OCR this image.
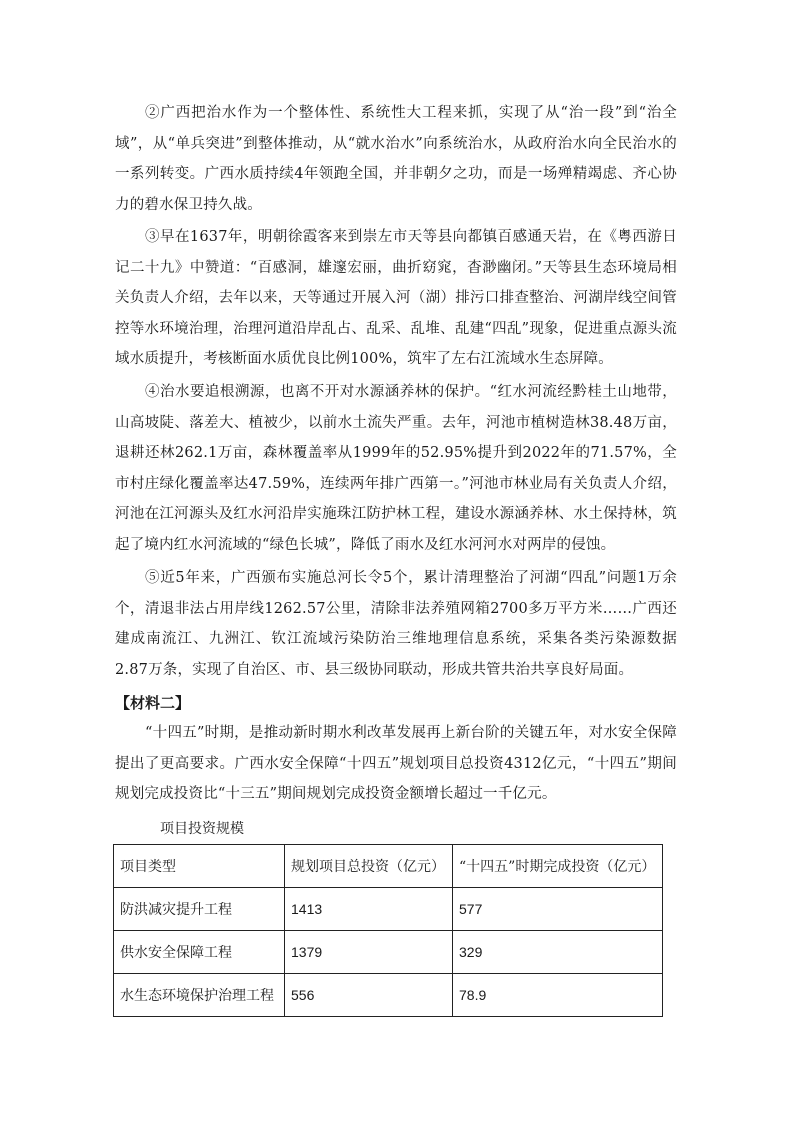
②广西把治水作为一个整体性、系统性大工程来抓，实现了从“治一段”到“治全域”，从“单兵突进”到整体推动，从“就水治水”向系统治水，从政府治水向全民治水的一系列转变。广西水质持续4年领跑全国，并非朝夕之功，而是一场殚精竭虑、齐心协力的碧水保卫持久战。

③早在1637年，明朝徐霞客来到崇左市天等县向都镇百感通天岩，在《粤西游日记二十九》中赞道：“百感洞，雄邃宏丽，曲折窈窕，杳渺幽闭。”天等县生态环境局相关负责人介绍，去年以来，天等通过开展入河（湖）排污口排查整治、河湖岸线空间管控等水环境治理，治理河道沿岸乱占、乱采、乱堆、乱建“四乱”现象，促进重点源头流域水质提升，考核断面水质优良比例100%，筑牢了左右江流域水生态屏障。

④治水要追根溯源，也离不开对水源涵养林的保护。“红水河流经黔桂土山地带，山高坡陡、落差大、植被少，以前水土流失严重。去年，河池市植树造林38.48万亩，退耕还林262.1万亩，森林覆盖率从1999年的52.95%提升到2022年的71.57%，全市村庄绿化覆盖率达47.59%，连续两年排广西第一。”河池市林业局有关负责人介绍，河池在江河源头及红水河沿岸实施珠江防护林工程，建设水源涵养林、水土保持林，筑起了境内红水河流域的“绿色长城”，降低了雨水及红水河河水对两岸的侵蚀。

⑤近5年来，广西颁布实施总河长令5个，累计清理整治了河湖“四乱”问题1万余个，清退非法占用岸线1262.57公里，清除非法养殖网箱2700多万平方米……广西还建成南流江、九洲江、钦江流域污染防治三维地理信息系统，采集各类污染源数据2.87万条，实现了自治区、市、县三级协同联动，形成共管共治共享良好局面。

【材料二】

“十四五”时期，是推动新时期水利改革发展再上新台阶的关键五年，对水安全保障提出了更高要求。广西水安全保障“十四五”规划项目总投资4312亿元，“十四五”期间规划完成投资比“十三五”期间规划完成投资金额增长超过一千亿元。

项目投资规模

项目类型	规划项目总投资（亿元）	“十四五”时期完成投资（亿元）
防洪减灾提升工程	1413	577
供水安全保障工程	1379	329
水生态环境保护治理工程	556	78.9
